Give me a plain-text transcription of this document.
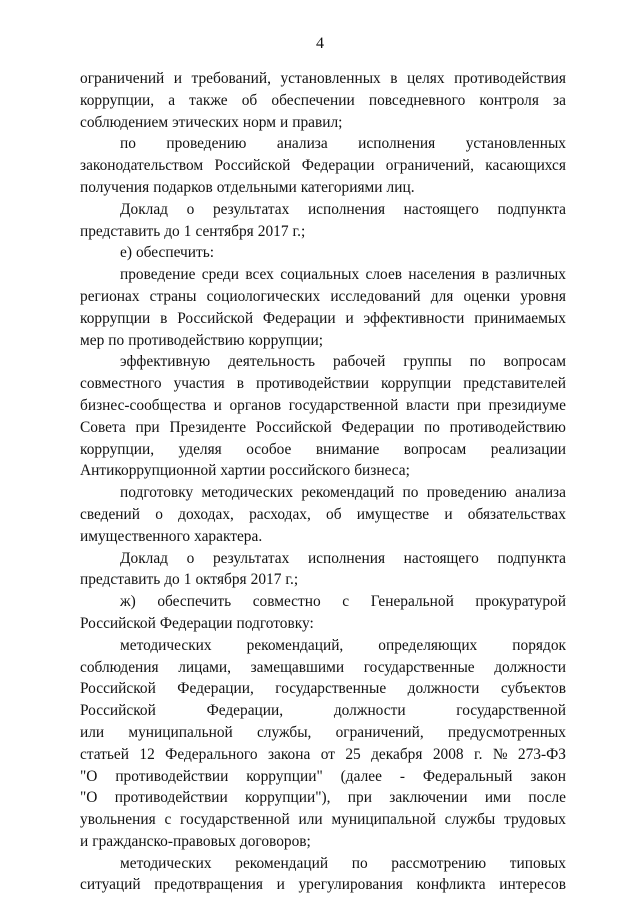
4
ограничений и требований, установленных в целях противодействия
коррупции, а также об обеспечении повседневного контроля за
соблюдением этических норм и правил;
по проведению анализа исполнения установленных
законодательством Российской Федерации ограничений, касающихся
получения подарков отдельными категориями лиц.
Доклад о результатах исполнения настоящего подпункта
представить до 1 сентября 2017 г.;
е) обеспечить:
проведение среди всех социальных слоев населения в различных
регионах страны социологических исследований для оценки уровня
коррупции в Российской Федерации и эффективности принимаемых
мер по противодействию коррупции;
эффективную деятельность рабочей группы по вопросам
совместного участия в противодействии коррупции представителей
бизнес-сообщества и органов государственной власти при президиуме
Совета при Президенте Российской Федерации по противодействию
коррупции, уделяя особое внимание вопросам реализации
Антикоррупционной хартии российского бизнеса;
подготовку методических рекомендаций по проведению анализа
сведений о доходах, расходах, об имуществе и обязательствах
имущественного характера.
Доклад о результатах исполнения настоящего подпункта
представить до 1 октября 2017 г.;
ж) обеспечить совместно с Генеральной прокуратурой
Российской Федерации подготовку:
методических рекомендаций, определяющих порядок
соблюдения лицами, замещавшими государственные должности
Российской Федерации, государственные должности субъектов
Российской	Федерации,	должности	государственной
или муниципальной службы, ограничений, предусмотренных
статьей 12 Федерального закона от 25 декабря 2008 г. № 273-ФЗ
"О противодействии коррупции" (далее - Федеральный закон
"О противодействии коррупции"), при заключении ими после
увольнения с государственной или муниципальной службы трудовых
и гражданско-правовых договоров;
методических рекомендаций по рассмотрению типовых
ситуаций предотвращения и урегулирования конфликта интересов
